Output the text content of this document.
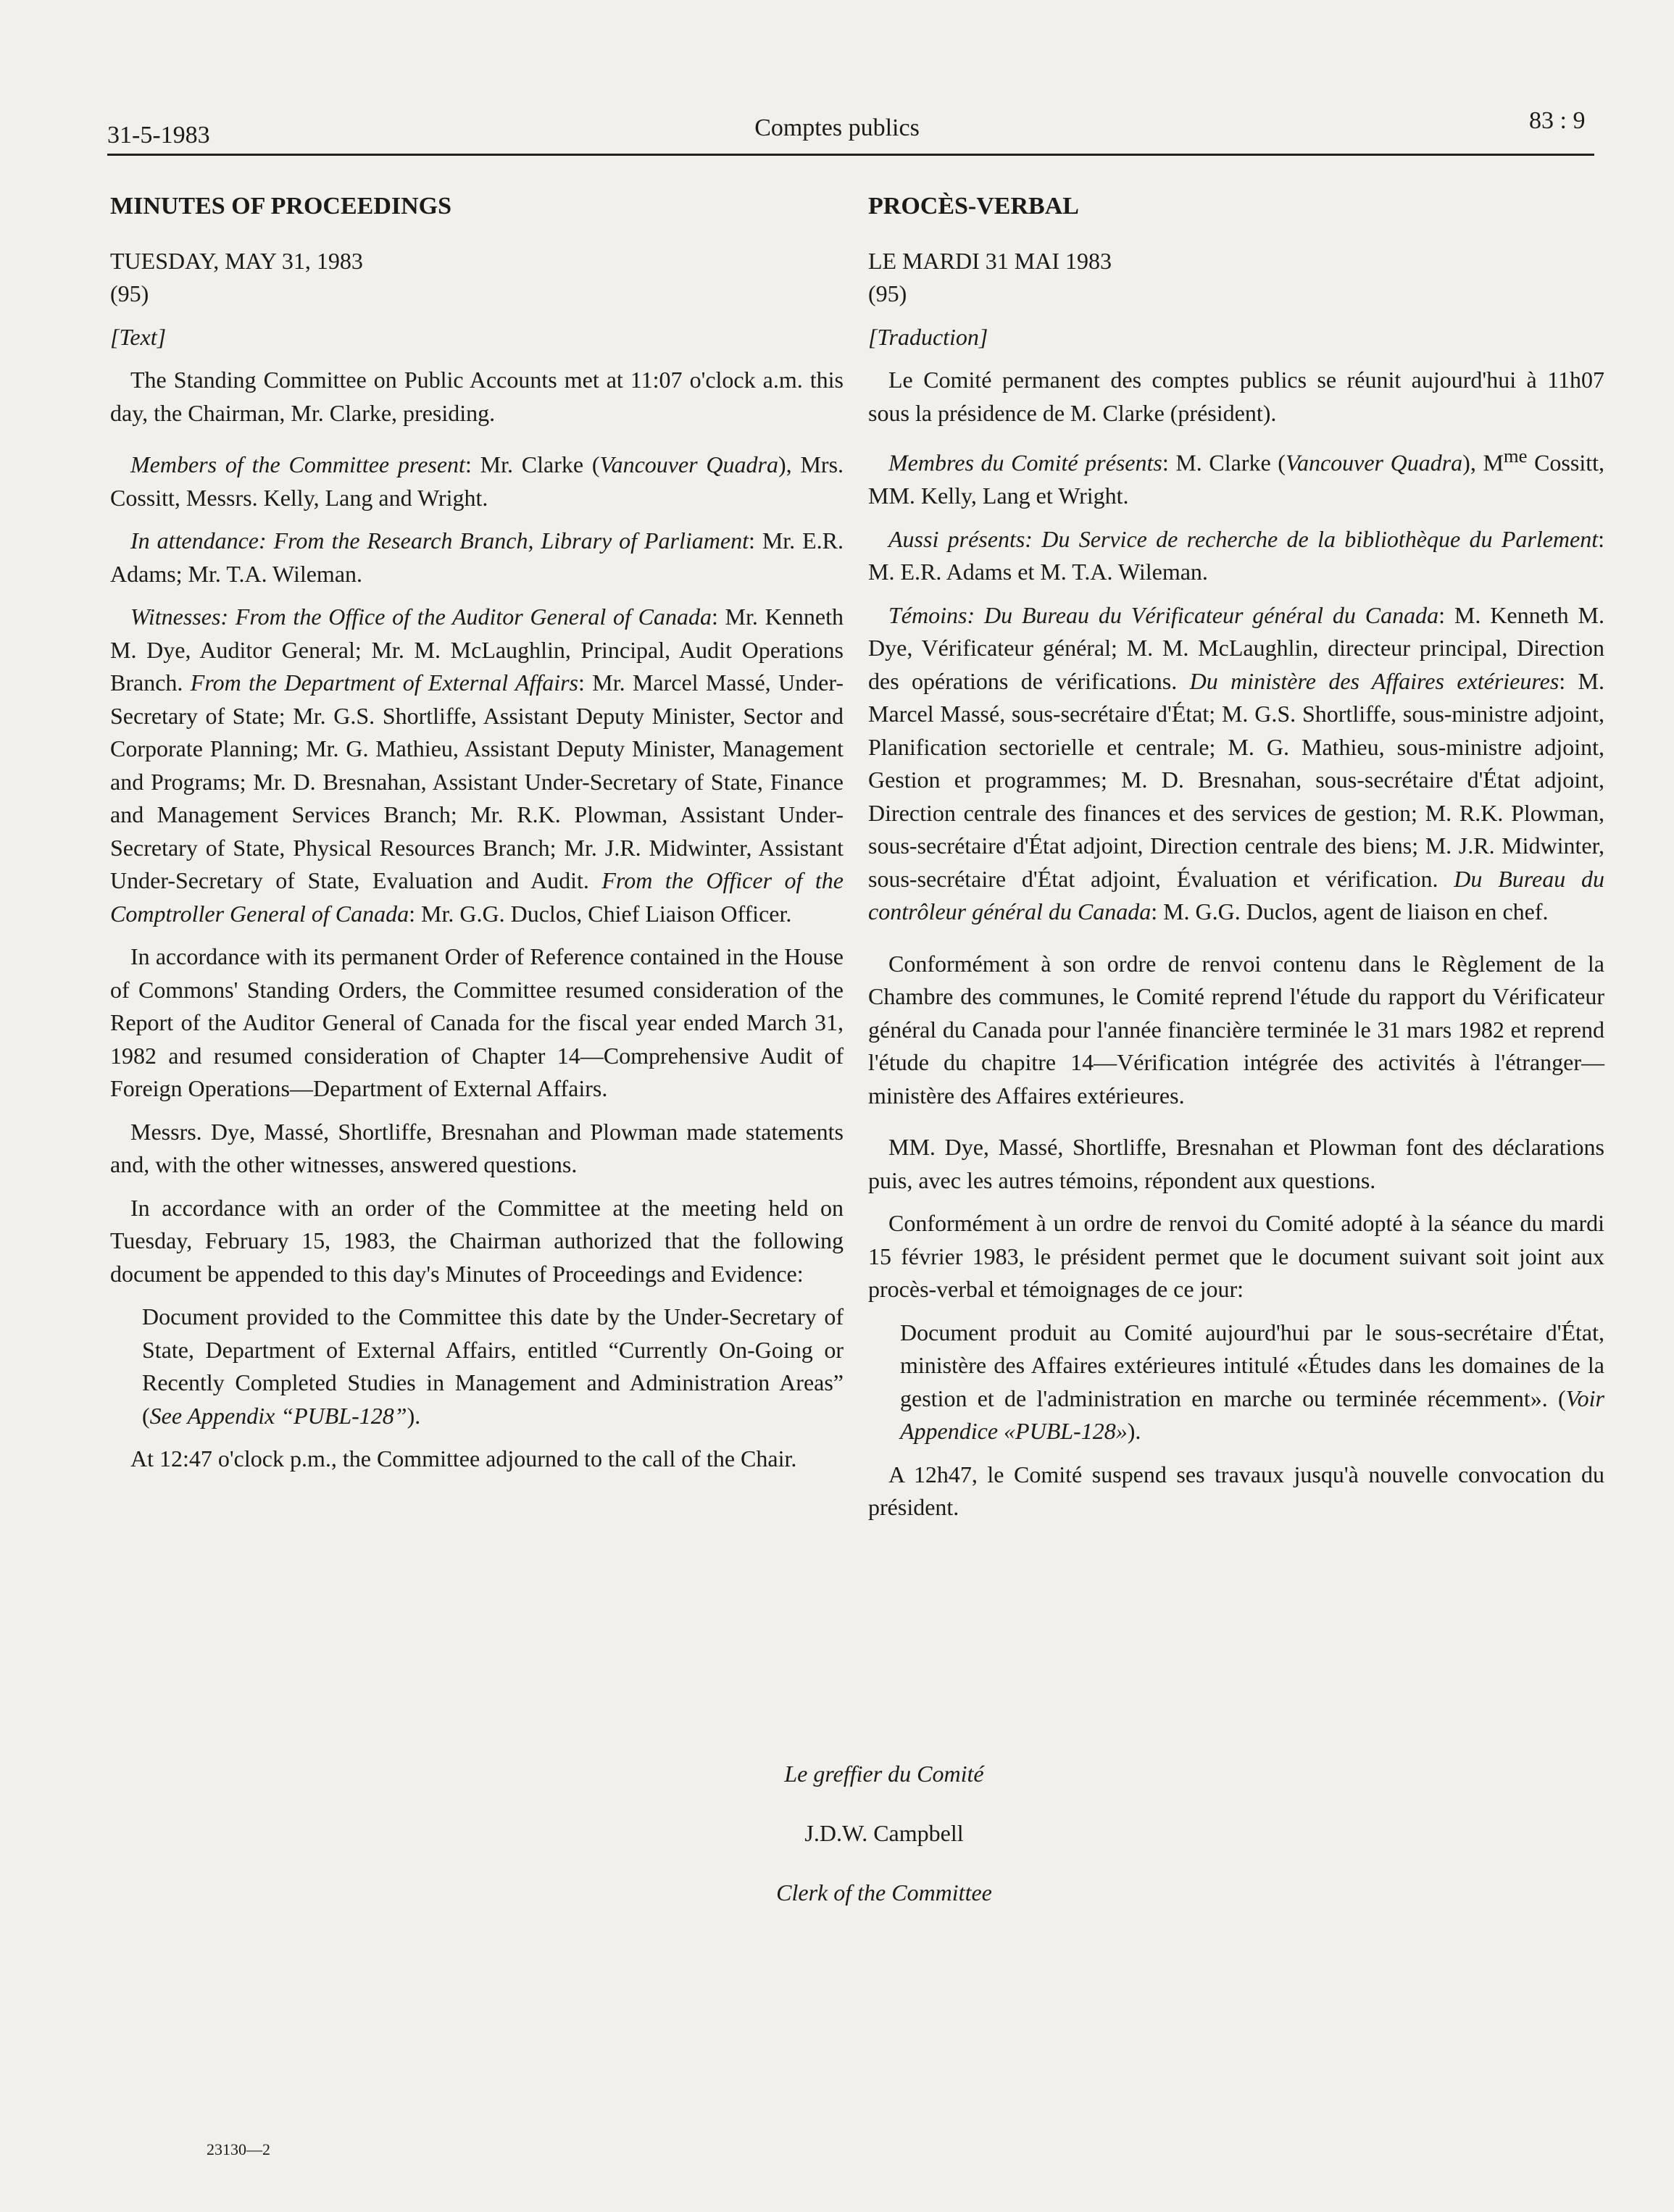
31-5-1983	Comptes publics	83 : 9
MINUTES OF PROCEEDINGS
TUESDAY, MAY 31, 1983
(95)
[Text]

The Standing Committee on Public Accounts met at 11:07 o'clock a.m. this day, the Chairman, Mr. Clarke, presiding.

Members of the Committee present: Mr. Clarke (Vancouver Quadra), Mrs. Cossitt, Messrs. Kelly, Lang and Wright.

In attendance: From the Research Branch, Library of Parliament: Mr. E.R. Adams; Mr. T.A. Wileman.

Witnesses: From the Office of the Auditor General of Canada: Mr. Kenneth M. Dye, Auditor General; Mr. M. McLaughlin, Principal, Audit Operations Branch. From the Department of External Affairs: Mr. Marcel Massé, Under-Secretary of State; Mr. G.S. Shortliffe, Assistant Deputy Minister, Sector and Corporate Planning; Mr. G. Mathieu, Assistant Deputy Minister, Management and Programs; Mr. D. Bresnahan, Assistant Under-Secretary of State, Finance and Management Services Branch; Mr. R.K. Plowman, Assistant Under-Secretary of State, Physical Resources Branch; Mr. J.R. Midwinter, Assistant Under-Secretary of State, Evaluation and Audit. From the Officer of the Comptroller General of Canada: Mr. G.G. Duclos, Chief Liaison Officer.

In accordance with its permanent Order of Reference contained in the House of Commons' Standing Orders, the Committee resumed consideration of the Report of the Auditor General of Canada for the fiscal year ended March 31, 1982 and resumed consideration of Chapter 14—Comprehensive Audit of Foreign Operations—Department of External Affairs.

Messrs. Dye, Massé, Shortliffe, Bresnahan and Plowman made statements and, with the other witnesses, answered questions.

In accordance with an order of the Committee at the meeting held on Tuesday, February 15, 1983, the Chairman authorized that the following document be appended to this day's Minutes of Proceedings and Evidence:

Document provided to the Committee this date by the Under-Secretary of State, Department of External Affairs, entitled “Currently On-Going or Recently Completed Studies in Management and Administration Areas” (See Appendix “PUBL-128”).

At 12:47 o'clock p.m., the Committee adjourned to the call of the Chair.

PROCÈS-VERBAL
LE MARDI 31 MAI 1983
(95)
[Traduction]

Le Comité permanent des comptes publics se réunit aujourd'hui à 11h07 sous la présidence de M. Clarke (président).

Membres du Comité présents: M. Clarke (Vancouver Quadra), $M^{me}$ Cossitt, MM. Kelly, Lang et Wright.

Aussi présents: Du Service de recherche de la bibliothèque du Parlement: M. E.R. Adams et M. T.A. Wileman.

Témoins: Du Bureau du Vérificateur général du Canada: M. Kenneth M. Dye, Vérificateur général; M. M. McLaughlin, directeur principal, Direction des opérations de vérifications. Du ministère des Affaires extérieures: M. Marcel Massé, sous-secrétaire d'État; M. G.S. Shortliffe, sous-ministre adjoint, Planification sectorielle et centrale; M. G. Mathieu, sous-ministre adjoint, Gestion et programmes; M. D. Bresnahan, sous-secrétaire d'État adjoint, Direction centrale des finances et des services de gestion; M. R.K. Plowman, sous-secrétaire d'État adjoint, Direction centrale des biens; M. J.R. Midwinter, sous-secrétaire d'État adjoint, Évaluation et vérification. Du Bureau du contrôleur général du Canada: M. G.G. Duclos, agent de liaison en chef.

Conformément à son ordre de renvoi contenu dans le Règlement de la Chambre des communes, le Comité reprend l'étude du rapport du Vérificateur général du Canada pour l'année financière terminée le 31 mars 1982 et reprend l'étude du chapitre 14—Vérification intégrée des activités à l'étranger—ministère des Affaires extérieures.

MM. Dye, Massé, Shortliffe, Bresnahan et Plowman font des déclarations puis, avec les autres témoins, répondent aux questions.

Conformément à un ordre de renvoi du Comité adopté à la séance du mardi 15 février 1983, le président permet que le document suivant soit joint aux procès-verbal et témoignages de ce jour:

Document produit au Comité aujourd'hui par le sous-secrétaire d'État, ministère des Affaires extérieures intitulé «Études dans les domaines de la gestion et de l'administration en marche ou terminée récemment». (Voir Appendice «PUBL-128»).

A 12h47, le Comité suspend ses travaux jusqu'à nouvelle convocation du président.

Le greffier du Comité
J.D.W. Campbell
Clerk of the Committee
23130—2
